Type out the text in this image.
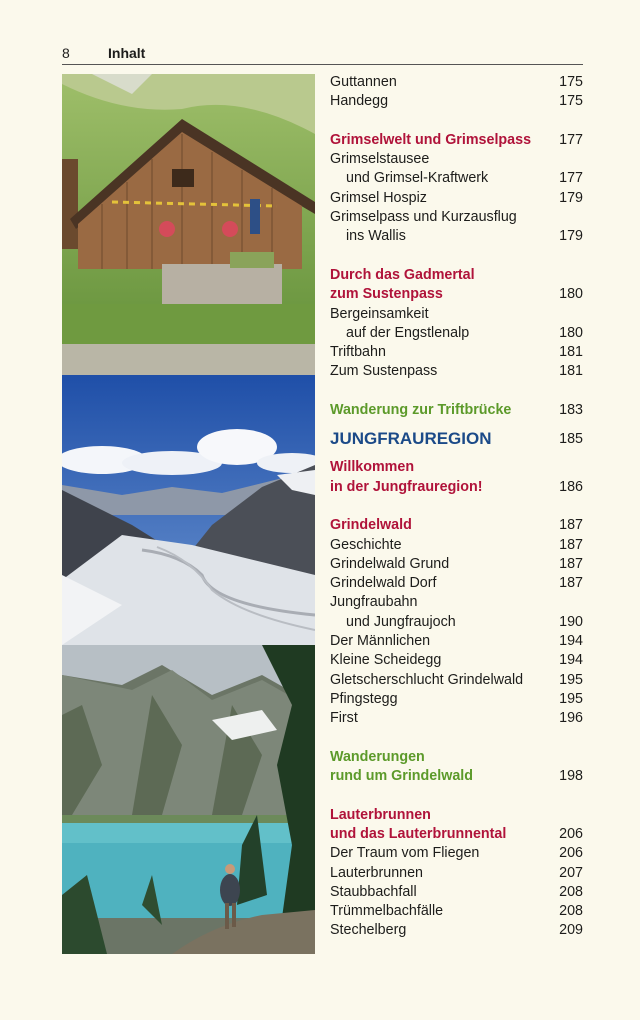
8	Inhalt
Guttannen	175
Handegg	175
Grimselwelt und Grimselpass 177
Grimselstausee
und Grimsel-Kraftwerk	177
Grimsel Hospiz	179
Grimselpass und Kurzausflug
ins Wallis	179
Durch das Gadmertal
zum Sustenpass	180
Bergeinsamkeit
auf der Engstlenalp	180
Triftbahn	181
Zum Sustenpass	181
Wanderung zur Triftbrücke	183
JUNGFRAUREGION	185
Willkommen
in der Jungfrauregion!	186
Grindelwald	187
Geschichte	187
Grindelwald Grund	187
Grindelwald Dorf	187
Jungfraubahn
und Jungfraujoch	190
Der Männlichen	194
Kleine Scheidegg	194
Gletscherschlucht Grindelwald	195
Pfingstegg	195
First	196
Wanderungen
rund um Grindelwald	198
Lauterbrunnen
und das Lauterbrunnental	206
Der Traum vom Fliegen	206
Lauterbrunnen	207
Staubbachfall	208
Trümmelbachfälle	208
Stechelberg	209
